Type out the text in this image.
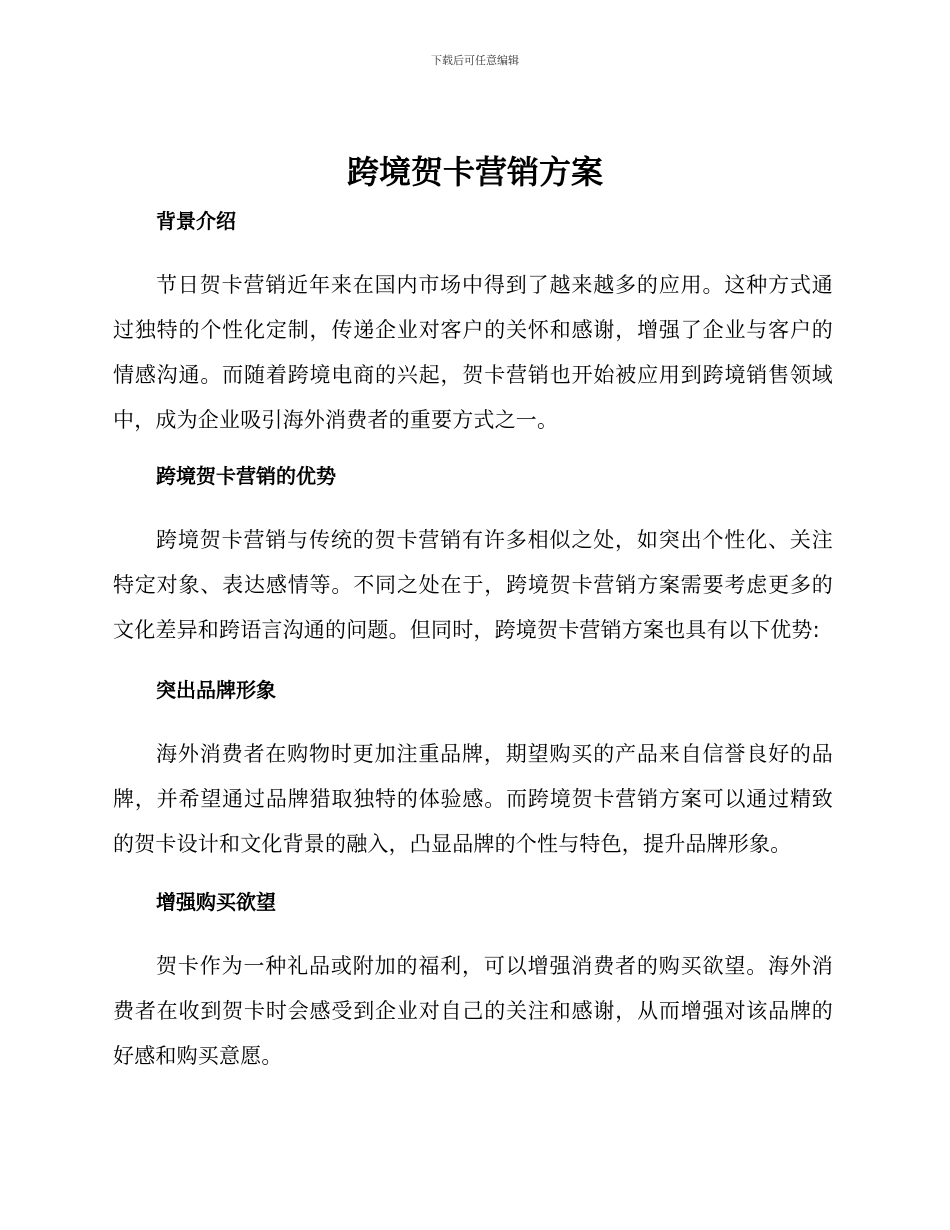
下载后可任意编辑
跨境贺卡营销方案
背景介绍

节日贺卡营销近年来在国内市场中得到了越来越多的应用。这种方式通过独特的个性化定制，传递企业对客户的关怀和感谢，增强了企业与客户的情感沟通。而随着跨境电商的兴起，贺卡营销也开始被应用到跨境销售领域中，成为企业吸引海外消费者的重要方式之一。

跨境贺卡营销的优势

跨境贺卡营销与传统的贺卡营销有许多相似之处，如突出个性化、关注特定对象、表达感情等。不同之处在于，跨境贺卡营销方案需要考虑更多的文化差异和跨语言沟通的问题。但同时，跨境贺卡营销方案也具有以下优势:

突出品牌形象

海外消费者在购物时更加注重品牌，期望购买的产品来自信誉良好的品牌，并希望通过品牌猎取独特的体验感。而跨境贺卡营销方案可以通过精致的贺卡设计和文化背景的融入，凸显品牌的个性与特色，提升品牌形象。

增强购买欲望

贺卡作为一种礼品或附加的福利，可以增强消费者的购买欲望。海外消费者在收到贺卡时会感受到企业对自己的关注和感谢，从而增强对该品牌的好感和购买意愿。
